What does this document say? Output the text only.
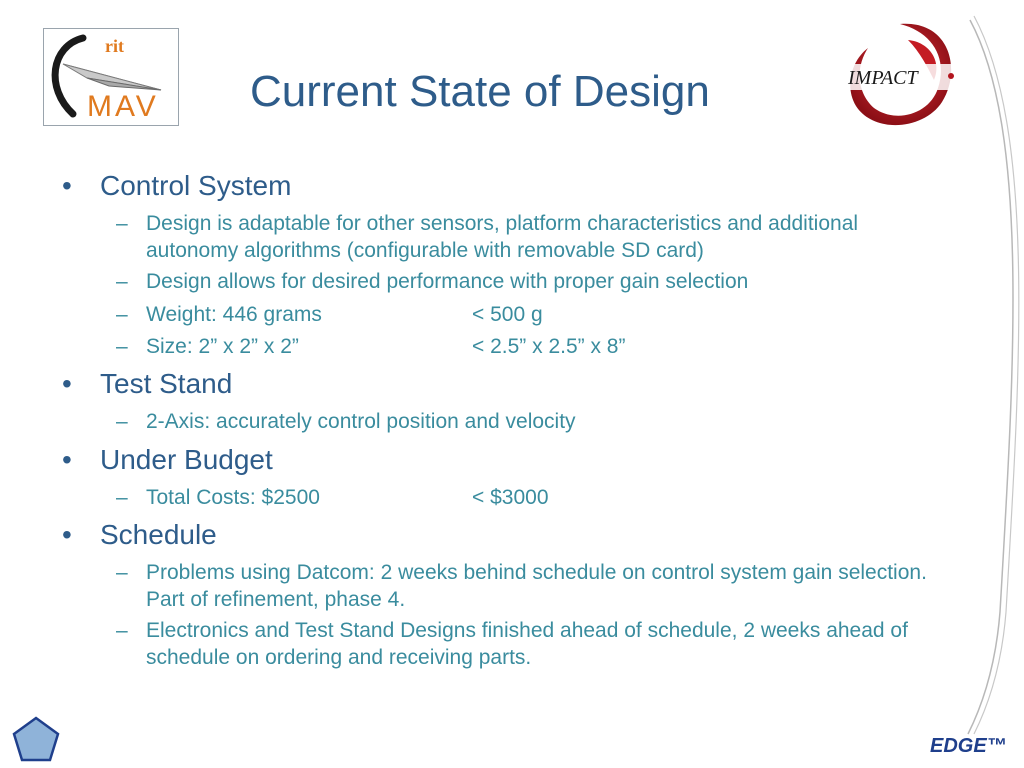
rit
MAV Current State of Design	IMPACT
• Control System
– Design is adaptable for other sensors, platform characteristics and additional autonomy algorithms (configurable with removable SD card)
– Design allows for desired performance with proper gain selection
– Weight: 446 grams	< 500 g
– Size: 2” x 2” x 2”	< 2.5” x 2.5” x 8”
• Test Stand
– 2-Axis: accurately control position and velocity
• Under Budget
– Total Costs: $2500	< $3000
• Schedule
– Problems using Datcom: 2 weeks behind schedule on control system gain selection. Part of refinement, phase 4.
– Electronics and Test Stand Designs finished ahead of schedule, 2 weeks ahead of schedule on ordering and receiving parts.
EDGE™
